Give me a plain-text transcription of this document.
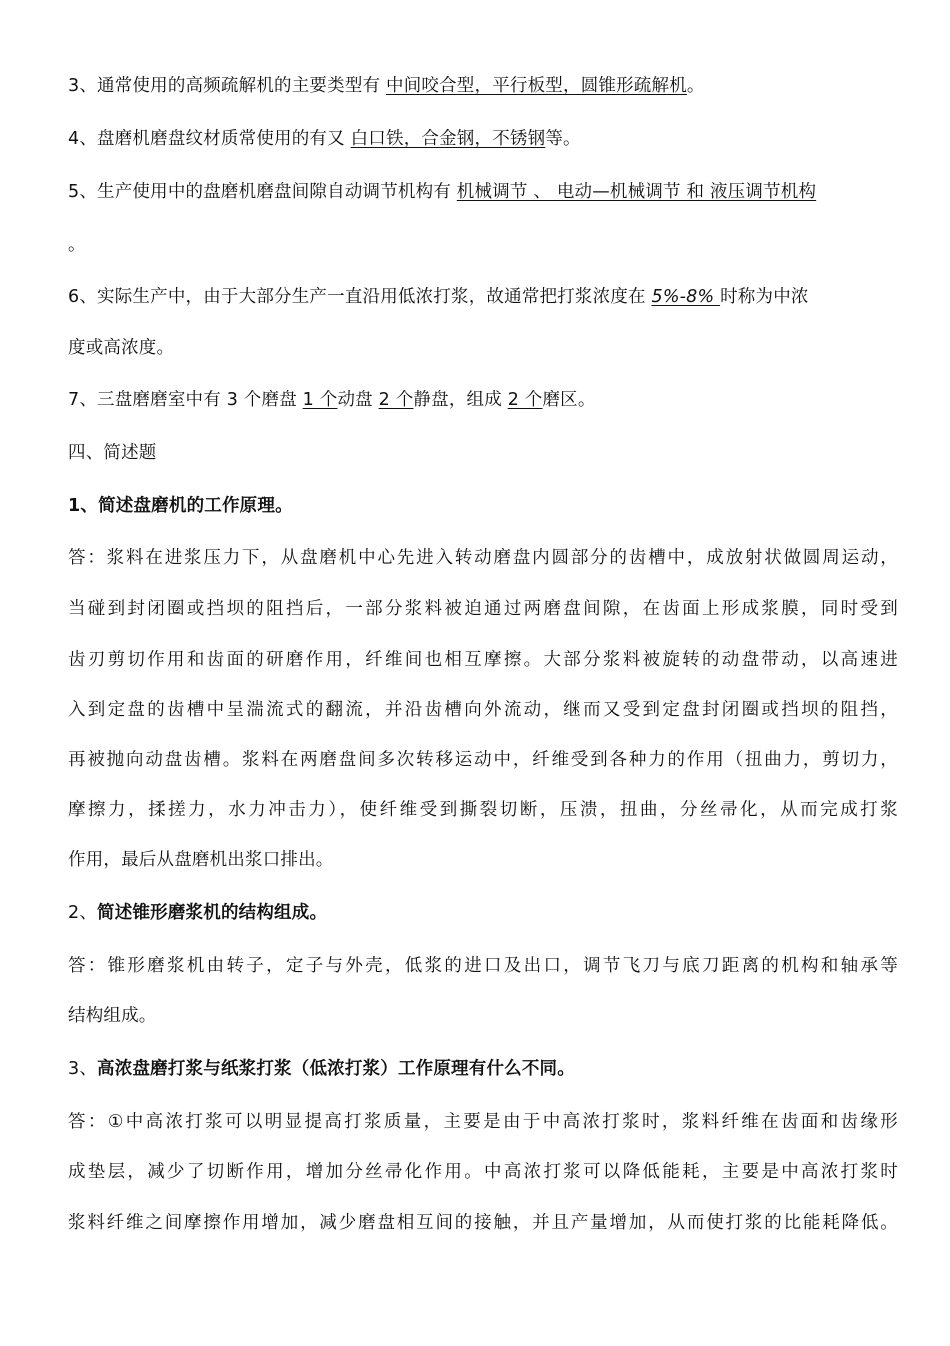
3、通常使用的高频疏解机的主要类型有 中间咬合型，平行板型，圆锥形疏解机。
4、盘磨机磨盘纹材质常使用的有又 白口铁，合金钢，不锈钢等。
5、生产使用中的盘磨机磨盘间隙自动调节机构有 机械调节 、 电动—机械调节 和 液压调节机构
。
6、实际生产中，由于大部分生产一直沿用低浓打浆，故通常把打浆浓度在 5%-8% 时称为中浓
度或高浓度。
7、三盘磨磨室中有 3 个磨盘 1 个动盘 2 个静盘，组成 2 个磨区。
四、简述题
1、简述盘磨机的工作原理。
答：浆料在进浆压力下，从盘磨机中心先进入转动磨盘内圆部分的齿槽中，成放射状做圆周运动，
当碰到封闭圈或挡坝的阻挡后，一部分浆料被迫通过两磨盘间隙，在齿面上形成浆膜，同时受到
齿刃剪切作用和齿面的研磨作用，纤维间也相互摩擦。大部分浆料被旋转的动盘带动，以高速进
入到定盘的齿槽中呈湍流式的翻流，并沿齿槽向外流动，继而又受到定盘封闭圈或挡坝的阻挡，
再被抛向动盘齿槽。浆料在两磨盘间多次转移运动中，纤维受到各种力的作用（扭曲力，剪切力，
摩擦力，揉搓力，水力冲击力），使纤维受到撕裂切断，压溃，扭曲，分丝帚化，从而完成打浆
作用，最后从盘磨机出浆口排出。
2、简述锥形磨浆机的结构组成。
答：锥形磨浆机由转子，定子与外壳，低浆的进口及出口，调节飞刀与底刀距离的机构和轴承等
结构组成。
3、高浓盘磨打浆与纸浆打浆（低浓打浆）工作原理有什么不同。
答：①中高浓打浆可以明显提高打浆质量，主要是由于中高浓打浆时，浆料纤维在齿面和齿缘形
成垫层，减少了切断作用，增加分丝帚化作用。中高浓打浆可以降低能耗，主要是中高浓打浆时
浆料纤维之间摩擦作用增加，减少磨盘相互间的接触，并且产量增加，从而使打浆的比能耗降低。
